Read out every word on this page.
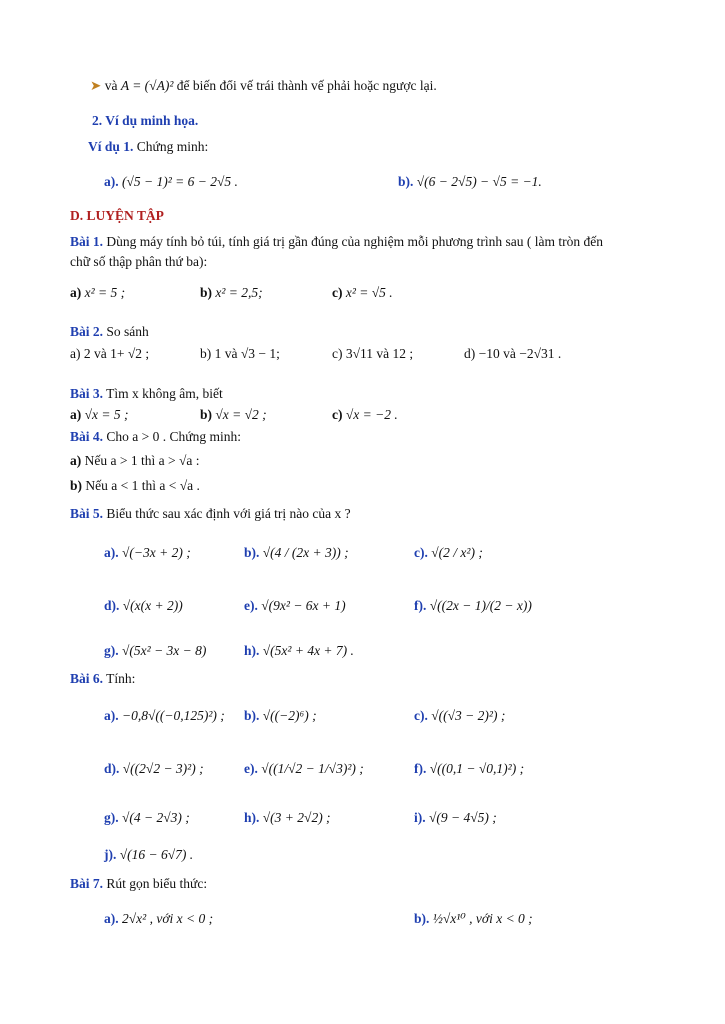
➤ và A = (√A)² để biến đổi vế trái thành vế phải hoặc ngược lại.
2. Ví dụ minh họa.
Ví dụ 1. Chứng minh:
a). (√5 − 1)² = 6 − 2√5 .	b). √(6 − 2√5) − √5 = −1.
D. LUYỆN TẬP
Bài 1. Dùng máy tính bỏ túi, tính giá trị gần đúng của nghiệm mỗi phương trình sau ( làm tròn đến
chữ số thập phân thứ ba):
a) x² = 5 ;	b) x² = 2,5;	c) x² = √5 .
Bài 2. So sánh
a) 2 và 1+ √2 ;	b) 1 và √3 − 1;	c) 3√11 và 12 ;	d) −10 và −2√31 .
Bài 3. Tìm x không âm, biết
a) √x = 5 ;	b) √x = √2 ;	c) √x = −2 .
Bài 4. Cho a > 0 . Chứng minh:
a) Nếu a > 1 thì a > √a :
b) Nếu a < 1 thì a < √a .
Bài 5. Biểu thức sau xác định với giá trị nào của x ?
a). √(−3x + 2) ;	b). √(4 / (2x + 3)) ;	c). √(2 / x²) ;
d). √(x(x + 2))	e). √(9x² − 6x + 1)	f). √((2x − 1)/(2 − x))
g). √(5x² − 3x − 8)	h). √(5x² + 4x + 7) .
Bài 6. Tính:
a). −0,8√((−0,125)²) ; b). √((−2)⁶) ;	c). √((√3 − 2)²) ;
d). √((2√2 − 3)²) ;	e). √((1/√2 − 1/√3)²) ;	f). √((0,1 − √0,1)²) ;
g). √(4 − 2√3) ;	h). √(3 + 2√2) ;	i). √(9 − 4√5) ;
j). √(16 − 6√7) .
Bài 7. Rút gọn biểu thức:
a). 2√x² , với x < 0 ;	b). ½√x¹⁰ , với x < 0 ;
